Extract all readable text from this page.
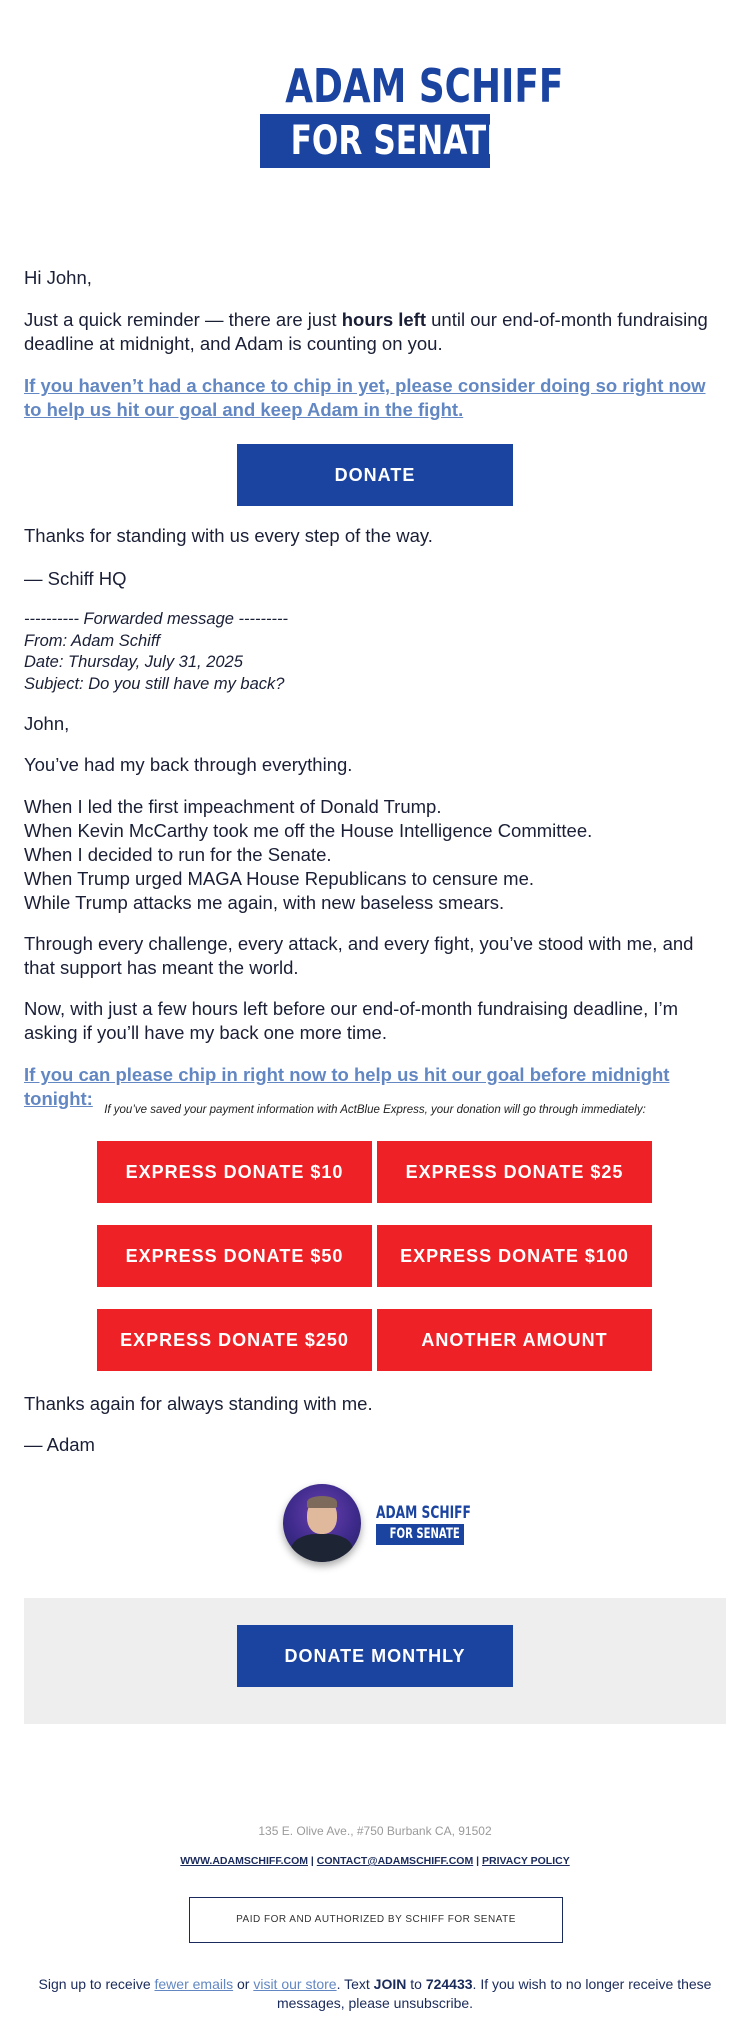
ADAM SCHIFF
FOR SENATE

Hi John,

Just a quick reminder — there are just hours left until our end-of-month fundraising deadline at midnight, and Adam is counting on you.

If you haven’t had a chance to chip in yet, please consider doing so right now to help us hit our goal and keep Adam in the fight.

DONATE

Thanks for standing with us every step of the way.

— Schiff HQ

---------- Forwarded message ---------
From: Adam Schiff
Date: Thursday, July 31, 2025
Subject: Do you still have my back?

John,

You’ve had my back through everything.

When I led the first impeachment of Donald Trump.
When Kevin McCarthy took me off the House Intelligence Committee.
When I decided to run for the Senate.
When Trump urged MAGA House Republicans to censure me.
While Trump attacks me again, with new baseless smears.

Through every challenge, every attack, and every fight, you’ve stood with me, and that support has meant the world.

Now, with just a few hours left before our end-of-month fundraising deadline, I’m asking if you’ll have my back one more time.

If you can please chip in right now to help us hit our goal before midnight tonight:

If you’ve saved your payment information with ActBlue Express, your donation will go through immediately:
EXPRESS DONATE $10	EXPRESS DONATE $25
EXPRESS DONATE $50	EXPRESS DONATE $100
EXPRESS DONATE $250	ANOTHER AMOUNT

Thanks again for always standing with me.

— Adam

ADAM SCHIFF
FOR SENATE
DONATE MONTHLY
135 E. Olive Ave., #750 Burbank CA, 91502
WWW.ADAMSCHIFF.COM | CONTACT@ADAMSCHIFF.COM | PRIVACY POLICY
PAID FOR AND AUTHORIZED BY SCHIFF FOR SENATE
Sign up to receive fewer emails or visit our store. Text JOIN to 724433. If you wish to no longer receive these messages, please unsubscribe.
